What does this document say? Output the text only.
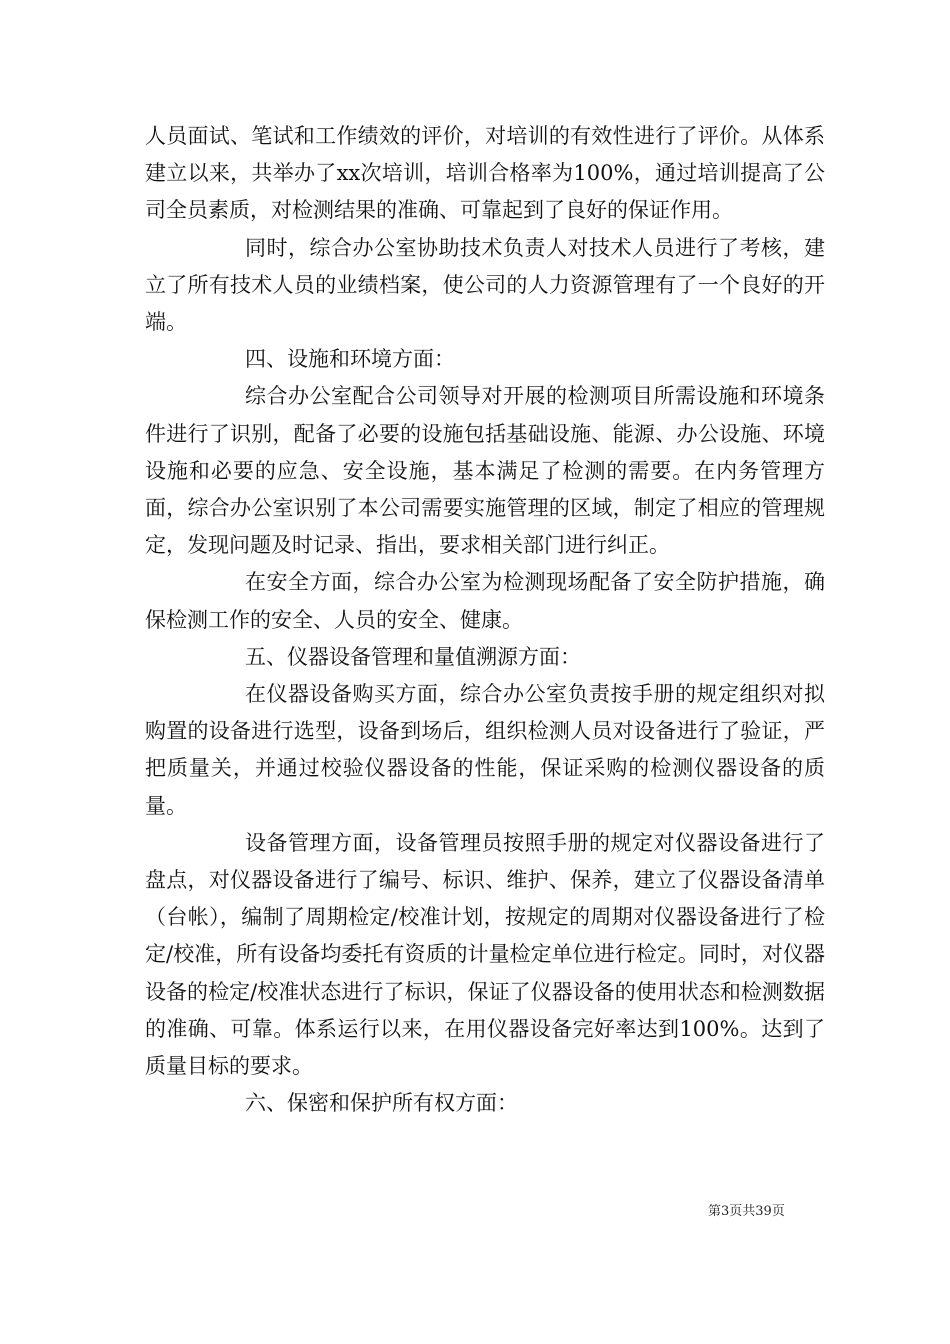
人员面试、笔试和工作绩效的评价，对培训的有效性进行了评价。从体系建立以来，共举办了xx次培训，培训合格率为100%，通过培训提高了公司全员素质，对检测结果的准确、可靠起到了良好的保证作用。

同时，综合办公室协助技术负责人对技术人员进行了考核，建立了所有技术人员的业绩档案，使公司的人力资源管理有了一个良好的开端。

四、设施和环境方面：

综合办公室配合公司领导对开展的检测项目所需设施和环境条件进行了识别，配备了必要的设施包括基础设施、能源、办公设施、环境设施和必要的应急、安全设施，基本满足了检测的需要。在内务管理方面，综合办公室识别了本公司需要实施管理的区域，制定了相应的管理规定，发现问题及时记录、指出，要求相关部门进行纠正。

在安全方面，综合办公室为检测现场配备了安全防护措施，确保检测工作的安全、人员的安全、健康。

五、仪器设备管理和量值溯源方面：

在仪器设备购买方面，综合办公室负责按手册的规定组织对拟购置的设备进行选型，设备到场后，组织检测人员对设备进行了验证，严把质量关，并通过校验仪器设备的性能，保证采购的检测仪器设备的质量。

设备管理方面，设备管理员按照手册的规定对仪器设备进行了盘点，对仪器设备进行了编号、标识、维护、保养，建立了仪器设备清单（台帐），编制了周期检定/校准计划，按规定的周期对仪器设备进行了检定/校准，所有设备均委托有资质的计量检定单位进行检定。同时，对仪器设备的检定/校准状态进行了标识，保证了仪器设备的使用状态和检测数据的准确、可靠。体系运行以来，在用仪器设备完好率达到100%。达到了质量目标的要求。

六、保密和保护所有权方面：

第3页共39页
